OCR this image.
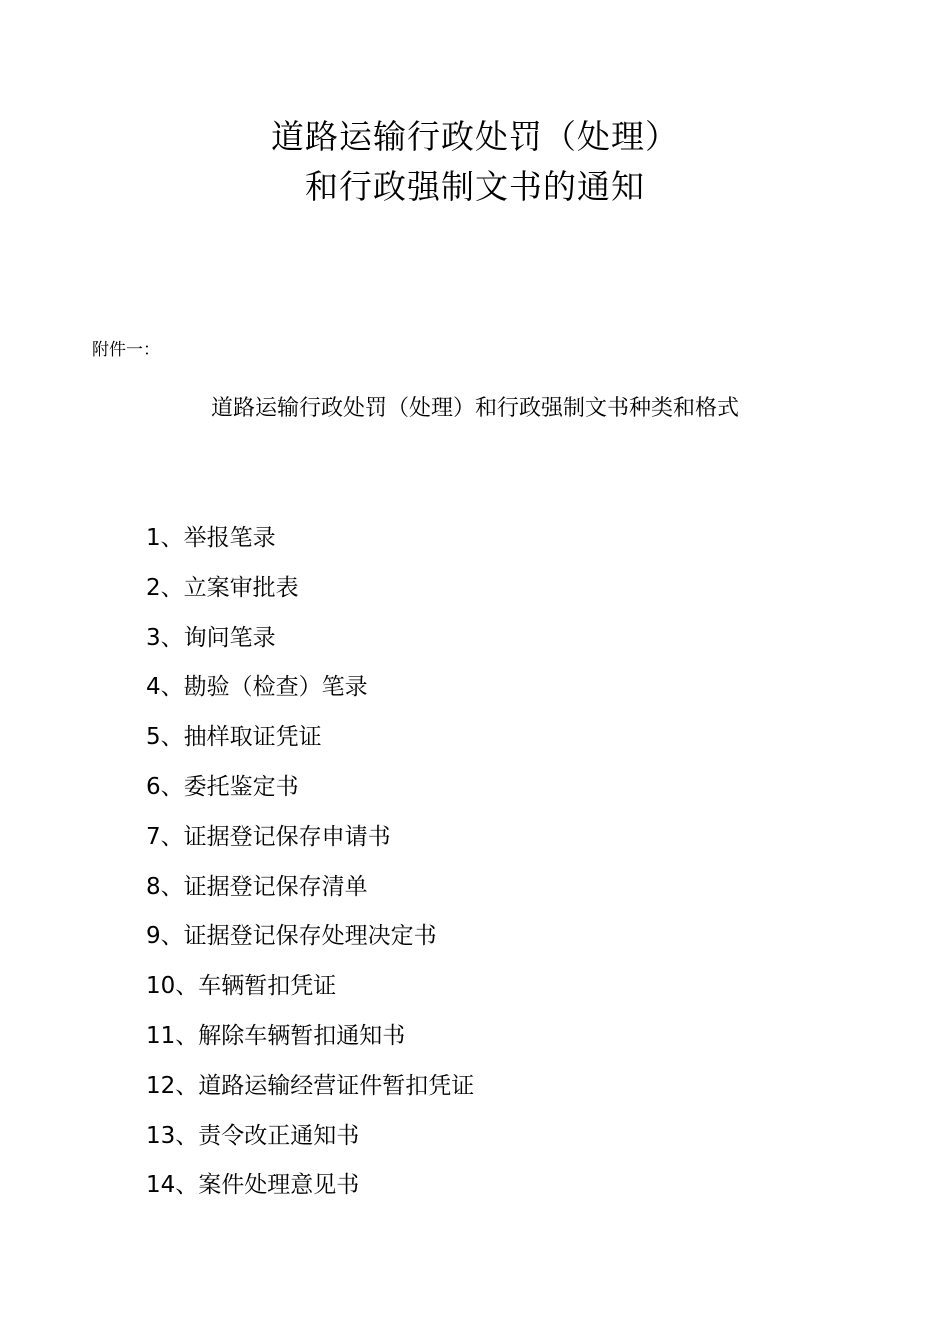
道路运输行政处罚（处理）
和行政强制文书的通知
附件一：
道路运输行政处罚（处理）和行政强制文书种类和格式
1、举报笔录
2、立案审批表
3、询问笔录
4、勘验（检查）笔录
5、抽样取证凭证
6、委托鉴定书
7、证据登记保存申请书
8、证据登记保存清单
9、证据登记保存处理决定书
10、车辆暂扣凭证
11、解除车辆暂扣通知书
12、道路运输经营证件暂扣凭证
13、责令改正通知书
14、案件处理意见书
